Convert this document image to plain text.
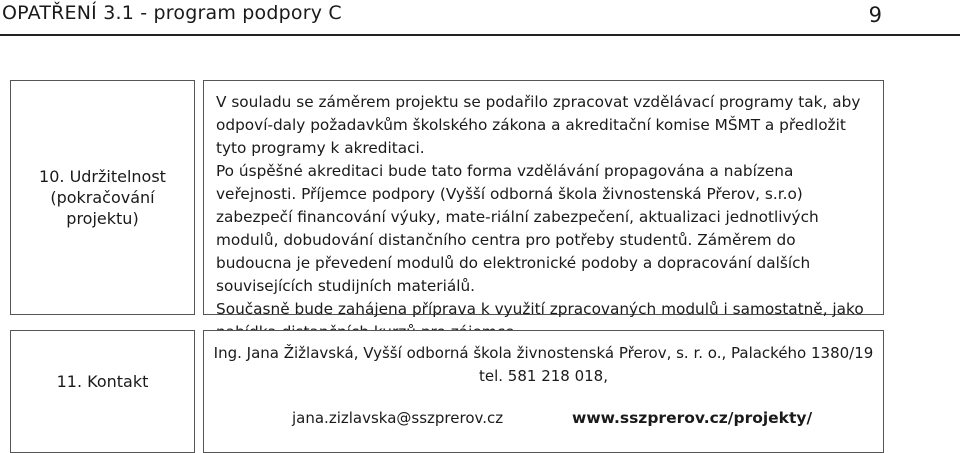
OPATŘENÍ 3.1 - program podpory C	9
10. Udržitelnost
(pokračování
projektu)

V souladu se záměrem projektu se podařilo zpracovat vzdělávací programy tak, aby odpoví-daly požadavkům školského zákona a akreditační komise MŠMT a předložit tyto programy k akreditaci.

Po úspěšné akreditaci bude tato forma vzdělávání propagována a nabízena veřejnosti. Příjemce podpory (Vyšší odborná škola živnostenská Přerov, s.r.o) zabezpečí financování výuky, mate-riální zabezpečení, aktualizaci jednotlivých modulů, dobudování distančního centra pro potřeby studentů. Záměrem do budoucna je převedení modulů do elektronické podoby a dopracování dalších souvisejících studijních materiálů.

Současně bude zahájena příprava k využití zpracovaných modulů i samostatně, jako

11. Kontakt
Ing. Jana Žižlavská, Vyšší odborná škola živnostenská Přerov, s. r. o., Palackého 1380/19
tel. 581 218 018,
jana.zizlavska@sszprerov.cz	www.sszprerov.cz/projekty/
